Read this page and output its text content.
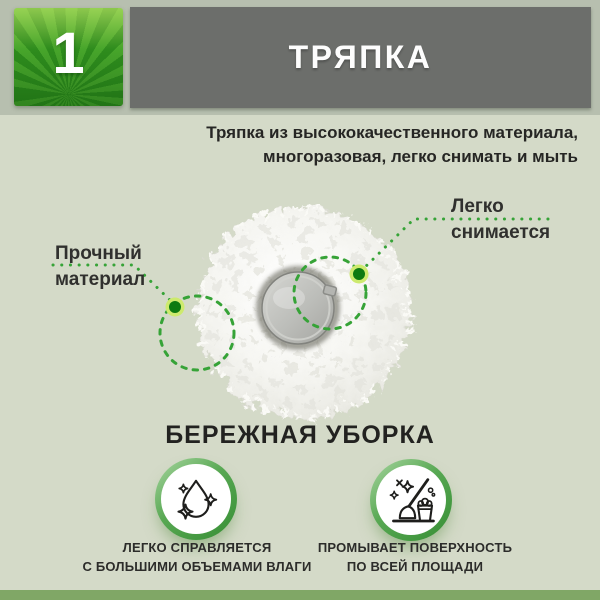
1	ТРЯПКА
Тряпка из высококачественного материала,
многоразовая, легко снимать и мыть
Прочный
материал
Легко
снимается
БЕРЕЖНАЯ УБОРКА
ЛЕГКО СПРАВЛЯЕТСЯ
С БОЛЬШИМИ ОБЪЕМАМИ ВЛАГИ
ПРОМЫВАЕТ ПОВЕРХНОСТЬ
ПО ВСЕЙ ПЛОЩАДИ
